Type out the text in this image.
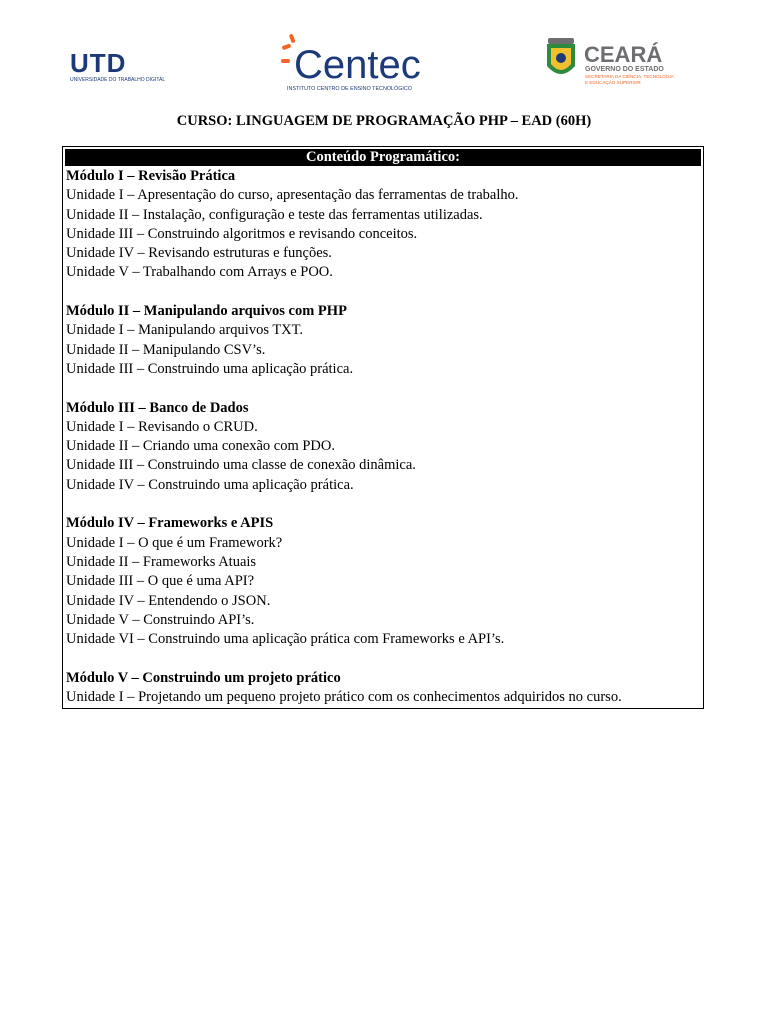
UTD
UNIVERSIDADE DO TRABALHO DIGITAL	Centec
INSTITUTO CENTRO DE ENSINO TECNOLÓGICO
CEARÁ
GOVERNO DO ESTADO
SECRETARIA DA CIÊNCIA, TECNOLOGIA
E EDUCAÇÃO SUPERIOR
CURSO: LINGUAGEM DE PROGRAMAÇÃO PHP – EAD (60H)
Conteúdo Programático:
Módulo I – Revisão Prática
Unidade I – Apresentação do curso, apresentação das ferramentas de trabalho.
Unidade II – Instalação, configuração e teste das ferramentas utilizadas.
Unidade III – Construindo algoritmos e revisando conceitos.
Unidade IV – Revisando estruturas e funções.
Unidade V – Trabalhando com Arrays e POO.
Módulo II – Manipulando arquivos com PHP
Unidade I – Manipulando arquivos TXT.
Unidade II – Manipulando CSV’s.
Unidade III – Construindo uma aplicação prática.
Módulo III – Banco de Dados
Unidade I – Revisando o CRUD.
Unidade II – Criando uma conexão com PDO.
Unidade III – Construindo uma classe de conexão dinâmica.
Unidade IV – Construindo uma aplicação prática.
Módulo IV – Frameworks e APIS
Unidade I – O que é um Framework?
Unidade II – Frameworks Atuais
Unidade III – O que é uma API?
Unidade IV – Entendendo o JSON.
Unidade V – Construindo API’s.
Unidade VI – Construindo uma aplicação prática com Frameworks e API’s.
Módulo V – Construindo um projeto prático
Unidade I – Projetando um pequeno projeto prático com os conhecimentos adquiridos no curso.
